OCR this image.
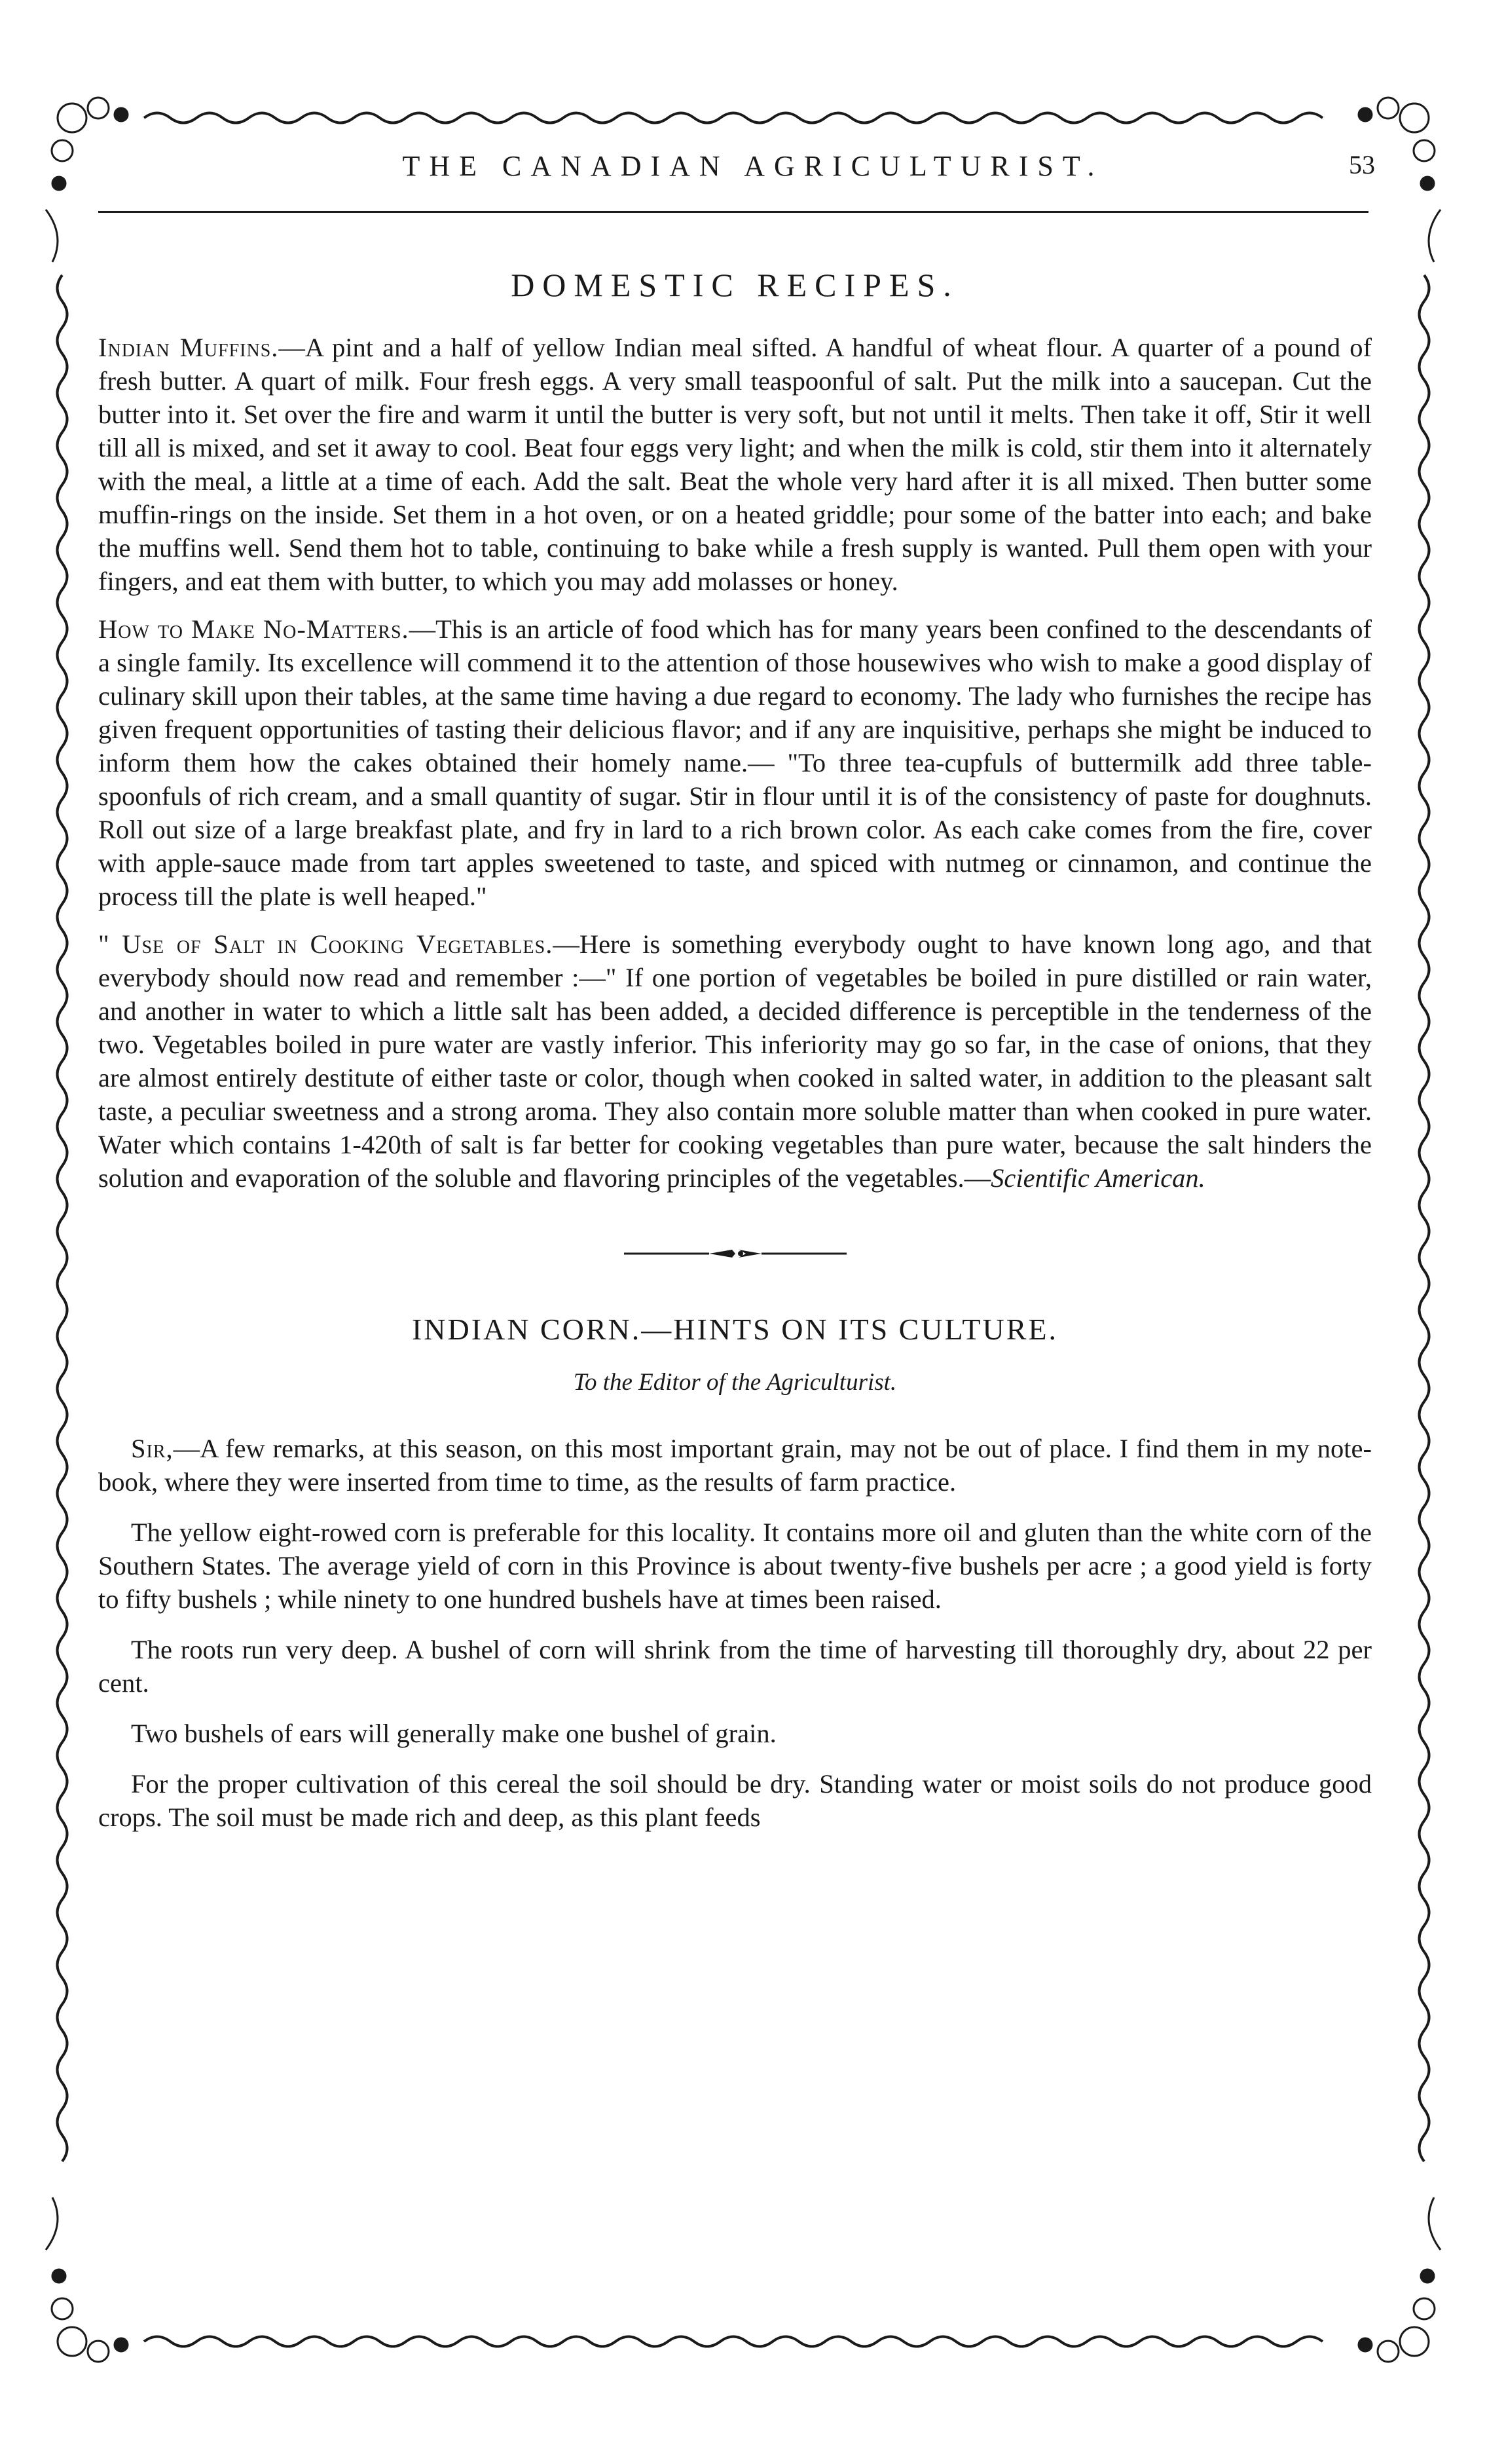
THE CANADIAN AGRICULTURIST.	53
DOMESTIC RECIPES.

Indian Muffins.—A pint and a half of yellow Indian meal sifted. A handful of wheat flour. A quarter of a pound of fresh butter. A quart of milk. Four fresh eggs. A very small teaspoonful of salt. Put the milk into a saucepan. Cut the butter into it. Set over the fire and warm it until the butter is very soft, but not until it melts. Then take it off, Stir it well till all is mixed, and set it away to cool. Beat four eggs very light; and when the milk is cold, stir them into it alternately with the meal, a little at a time of each. Add the salt. Beat the whole very hard after it is all mixed. Then butter some muffin-rings on the inside. Set them in a hot oven, or on a heated griddle; pour some of the batter into each; and bake the muffins well. Send them hot to table, continuing to bake while a fresh supply is wanted. Pull them open with your fingers, and eat them with butter, to which you may add molasses or honey.

How to Make No-Matters.—This is an article of food which has for many years been confined to the descendants of a single family. Its excellence will commend it to the attention of those housewives who wish to make a good display of culinary skill upon their tables, at the same time having a due regard to economy. The lady who furnishes the recipe has given frequent opportunities of tasting their delicious flavor; and if any are inquisitive, perhaps she might be induced to inform them how the cakes obtained their homely name.— "To three tea-cupfuls of buttermilk add three table-spoonfuls of rich cream, and a small quantity of sugar. Stir in flour until it is of the consistency of paste for doughnuts. Roll out size of a large breakfast plate, and fry in lard to a rich brown color. As each cake comes from the fire, cover with apple-sauce made from tart apples sweetened to taste, and spiced with nutmeg or cinnamon, and continue the process till the plate is well heaped."

" Use of Salt in Cooking Vegetables.—Here is something everybody ought to have known long ago, and that everybody should now read and remember :—" If one portion of vegetables be boiled in pure distilled or rain water, and another in water to which a little salt has been added, a decided difference is perceptible in the tenderness of the two. Vegetables boiled in pure water are vastly inferior. This inferiority may go so far, in the case of onions, that they are almost entirely destitute of either taste or color, though when cooked in salted water, in addition to the pleasant salt taste, a peculiar sweetness and a strong aroma. They also contain more soluble matter than when cooked in pure water. Water which contains 1-420th of salt is far better for cooking vegetables than pure water, because the salt hinders the solution and evaporation of the soluble and flavoring principles of the vegetables.—Scientific American.

INDIAN CORN.—HINTS ON ITS CULTURE.
To the Editor of the Agriculturist.

Sir,—A few remarks, at this season, on this most important grain, may not be out of place. I find them in my note-book, where they were inserted from time to time, as the results of farm practice.

The yellow eight-rowed corn is preferable for this locality. It contains more oil and gluten than the white corn of the Southern States. The average yield of corn in this Province is about twenty-five bushels per acre ; a good yield is forty to fifty bushels ; while ninety to one hundred bushels have at times been raised.

The roots run very deep. A bushel of corn will shrink from the time of harvesting till thoroughly dry, about 22 per cent.

Two bushels of ears will generally make one bushel of grain.

For the proper cultivation of this cereal the soil should be dry. Standing water or moist soils do not produce good crops. The soil must be made rich and deep, as this plant feeds
